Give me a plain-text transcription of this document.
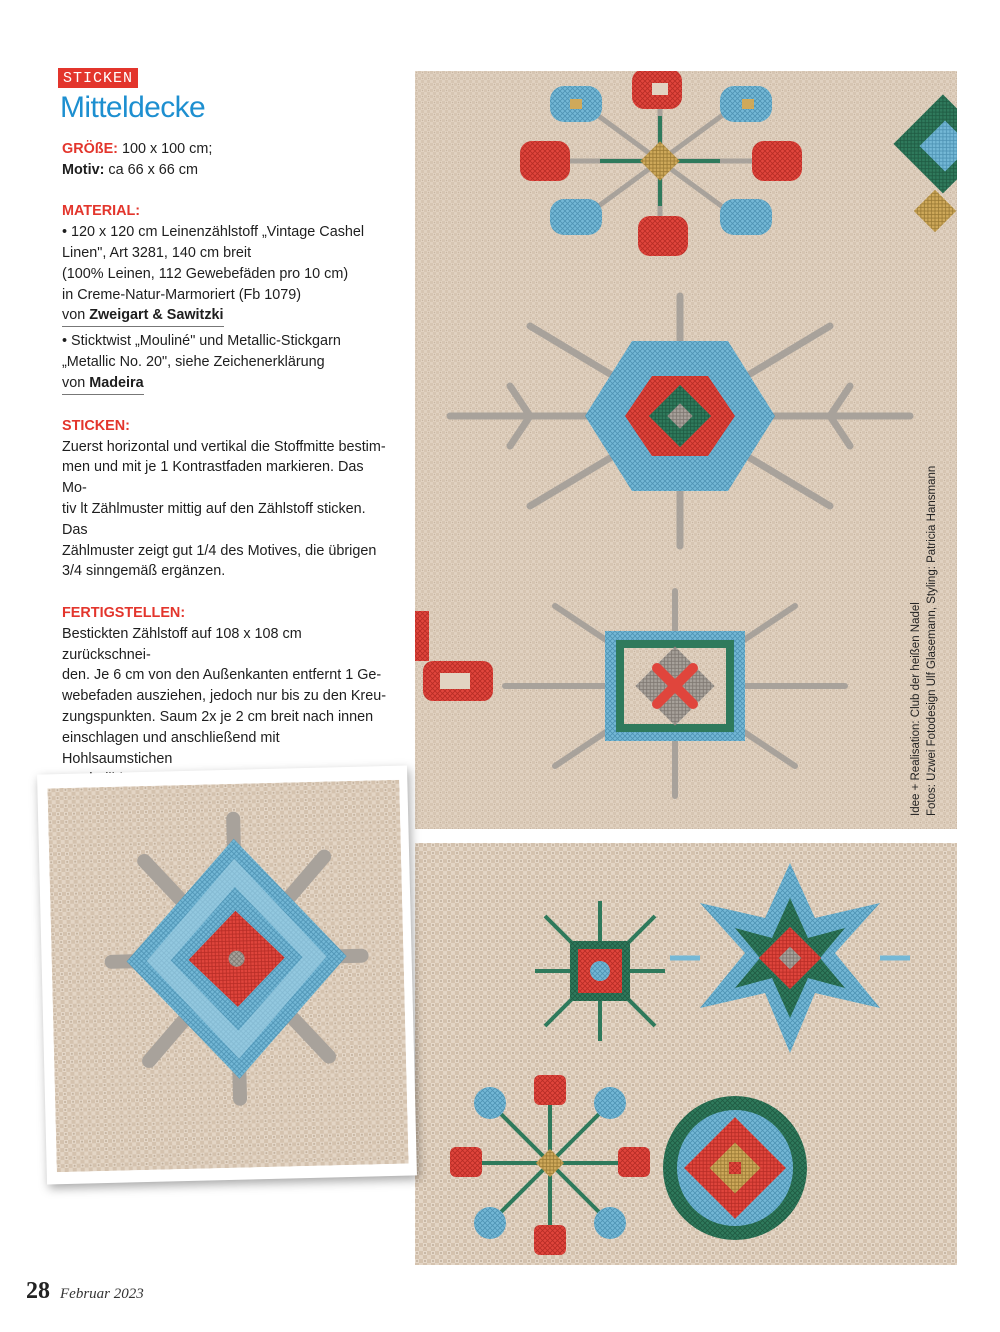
STICKEN
Mitteldecke

GRÖßE: 100 x 100 cm;

Motiv: ca 66 x 66 cm

MATERIAL:

• 120 x 120 cm Leinenzählstoff „Vintage Cashel

Linen", Art 3281, 140 cm breit

(100% Leinen, 112 Gewebefäden pro 10 cm)

in Creme-Natur-Marmoriert (Fb 1079)

von Zweigart & Sawitzki

• Sticktwist „Mouliné" und Metallic-Stickgarn

„Metallic No. 20", siehe Zeichenerklärung

von Madeira

STICKEN:

Zuerst horizontal und vertikal die Stoffmitte bestim-

men und mit je 1 Kontrastfaden markieren. Das Mo-

tiv lt Zählmuster mittig auf den Zählstoff sticken. Das

Zählmuster zeigt gut 1/4 des Motives, die übrigen

3/4 sinngemäß ergänzen.

FERTIGSTELLEN:

Bestickten Zählstoff auf 108 x 108 cm zurückschnei-

den. Je 6 cm von den Außenkanten entfernt 1 Ge-

webefaden ausziehen, jedoch nur bis zu den Kreu-

zungspunkten. Saum 2x je 2 cm breit nach innen

einschlagen und anschließend mit Hohlsaumstichen	Idee + Realisation: Club der heißen Nadel Fotos: Uzwei Fotodesign Ulf Glasemann, Styling: Patricia Hansmann
28 Februar 2023
